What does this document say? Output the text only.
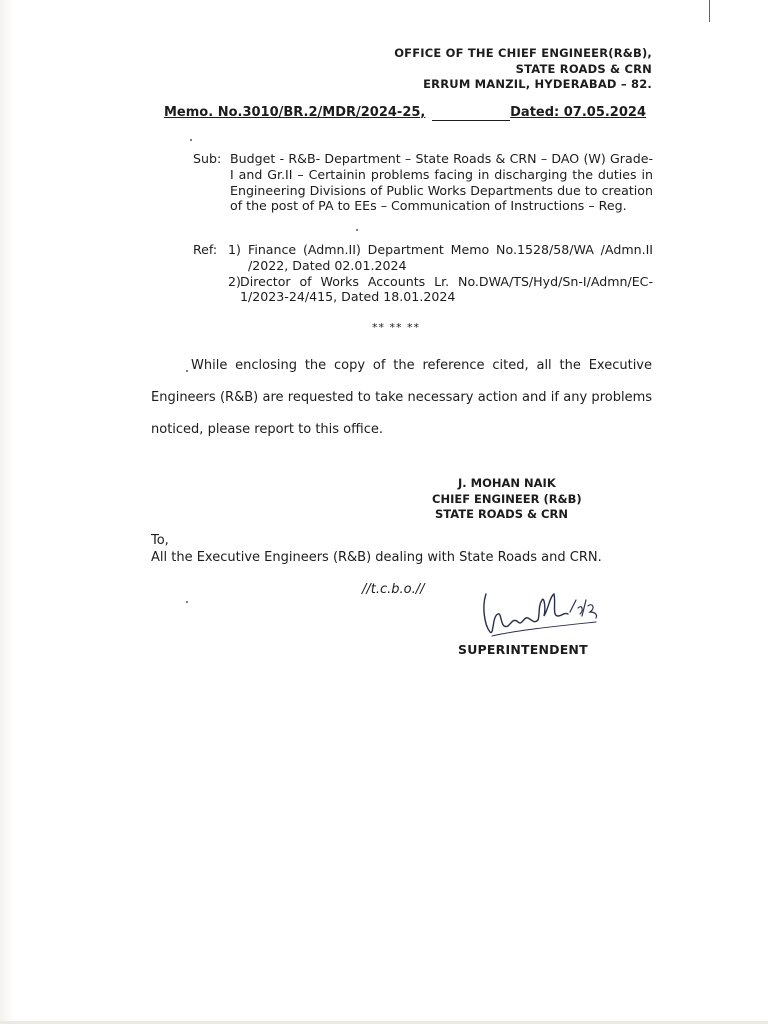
OFFICE OF THE CHIEF ENGINEER(R&B),
STATE ROADS & CRN
ERRUM MANZIL, HYDERABAD – 82.
Memo. No.3010/BR.2/MDR/2024-25,	Dated: 07.05.2024
Sub: Budget - R&B- Department – State Roads & CRN – DAO (W) Grade-I and Gr.II – Certainin problems facing in discharging the duties in Engineering Divisions of Public Works Departments due to creation of the post of PA to EEs – Communication of Instructions – Reg.
Ref: 1) Finance (Admn.II) Department Memo No.1528/58/WA /Admn.II /2022, Dated 02.01.2024
2) Director of Works Accounts Lr. No.DWA/TS/Hyd/Sn-I/Admn/EC-1/2023-24/415, Dated 18.01.2024
** ** **
While enclosing the copy of the reference cited, all the Executive Engineers (R&B) are requested to take necessary action and if any problems noticed, please report to this office.
J. MOHAN NAIK
CHIEF ENGINEER (R&B)
STATE ROADS & CRN
To,
All the Executive Engineers (R&B) dealing with State Roads and CRN.
//t.c.b.o.//
SUPERINTENDENT
